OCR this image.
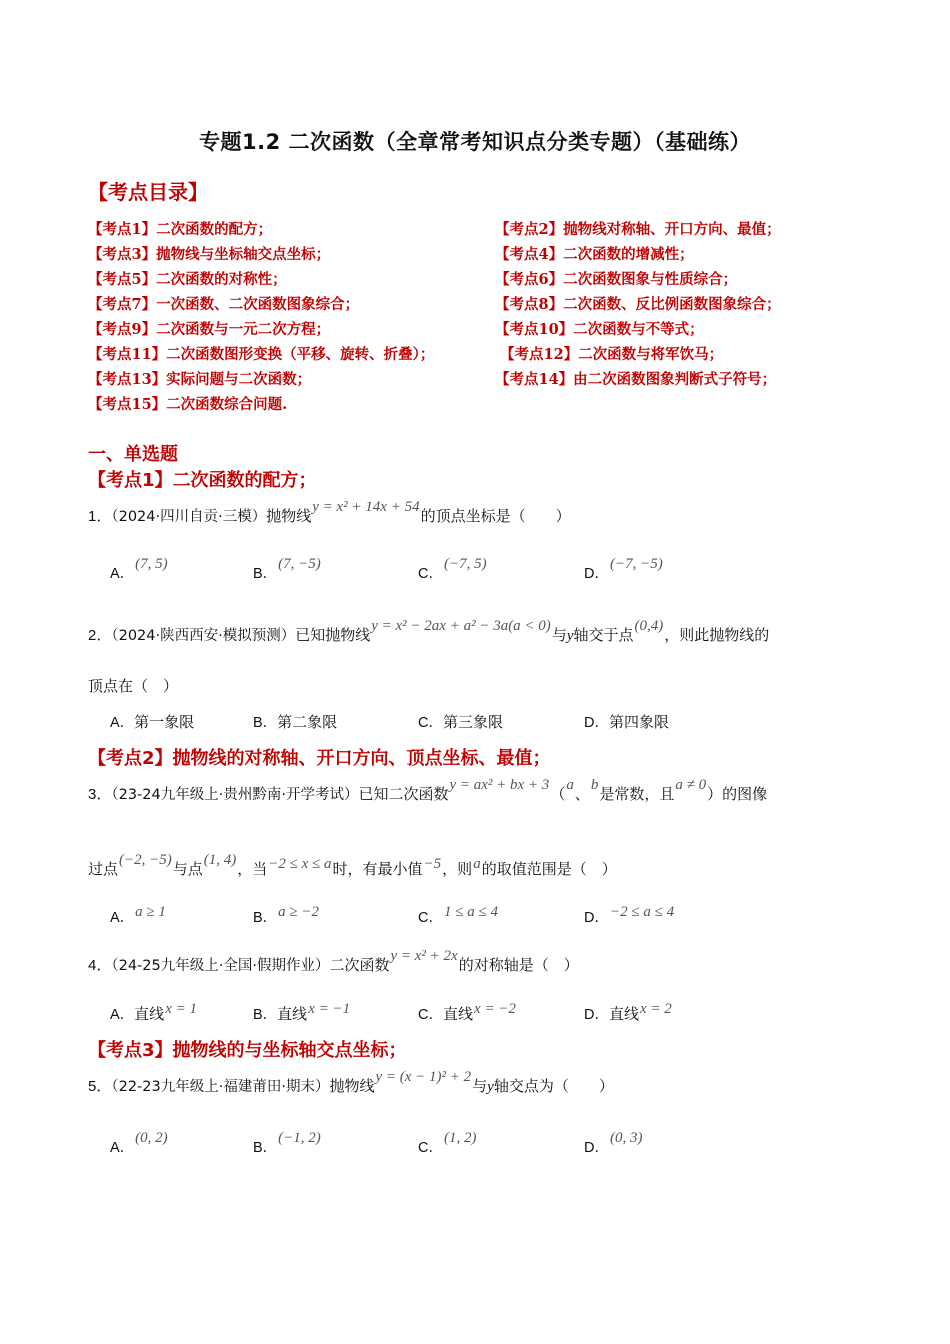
专题1.2 二次函数（全章常考知识点分类专题）（基础练）
【考点目录】
【考点1】二次函数的配方；	【考点2】抛物线对称轴、开口方向、最值；
【考点3】抛物线与坐标轴交点坐标；	【考点4】二次函数的增减性；
【考点5】二次函数的对称性；	【考点6】二次函数图象与性质综合；
【考点7】一次函数、二次函数图象综合；	【考点8】二次函数、反比例函数图象综合；
【考点9】二次函数与一元二次方程；	【考点10】二次函数与不等式；
【考点11】二次函数图形变换（平移、旋转、折叠）；	【考点12】二次函数与将军饮马；
【考点13】实际问题与二次函数；	【考点14】由二次函数图象判断式子符号；
【考点15】二次函数综合问题.
一、单选题
【考点1】二次函数的配方；
1．（2024·四川自贡·三模）抛物线y = x² + 14x + 54的顶点坐标是（　　）
A．(7, 5)
B．(7, −5)
C．(−7, 5)
D．(−7, −5)
2．（2024·陕西西安·模拟预测）已知抛物线y = x² − 2ax + a² − 3a(a < 0)与y轴交于点(0,4)，则此抛物线的
顶点在（　）
A．第一象限	B．第二象限	C．第三象限	D．第四象限
【考点2】抛物线的对称轴、开口方向、顶点坐标、最值；
3．（23-24九年级上·贵州黔南·开学考试）已知二次函数y = ax² + bx + 3（a、b是常数，且a ≠ 0）的图像
过点(−2, −5)与点(1, 4)，当−2 ≤ x ≤ a时，有最小值−5，则a的取值范围是（　）
A．a ≥ 1	B．a ≥ −2	C．1 ≤ a ≤ 4	D．−2 ≤ a ≤ 4
4．（24-25九年级上·全国·假期作业）二次函数y = x² + 2x的对称轴是（　）
A．直线x = 1	B．直线x = −1	C．直线x = −2	D．直线x = 2
【考点3】抛物线的与坐标轴交点坐标；
5．（22-23九年级上·福建莆田·期末）抛物线y = (x − 1)² + 2与y轴交点为（　　）
A．(0, 2)
B．(−1, 2)
C．(1, 2)
D．(0, 3)
